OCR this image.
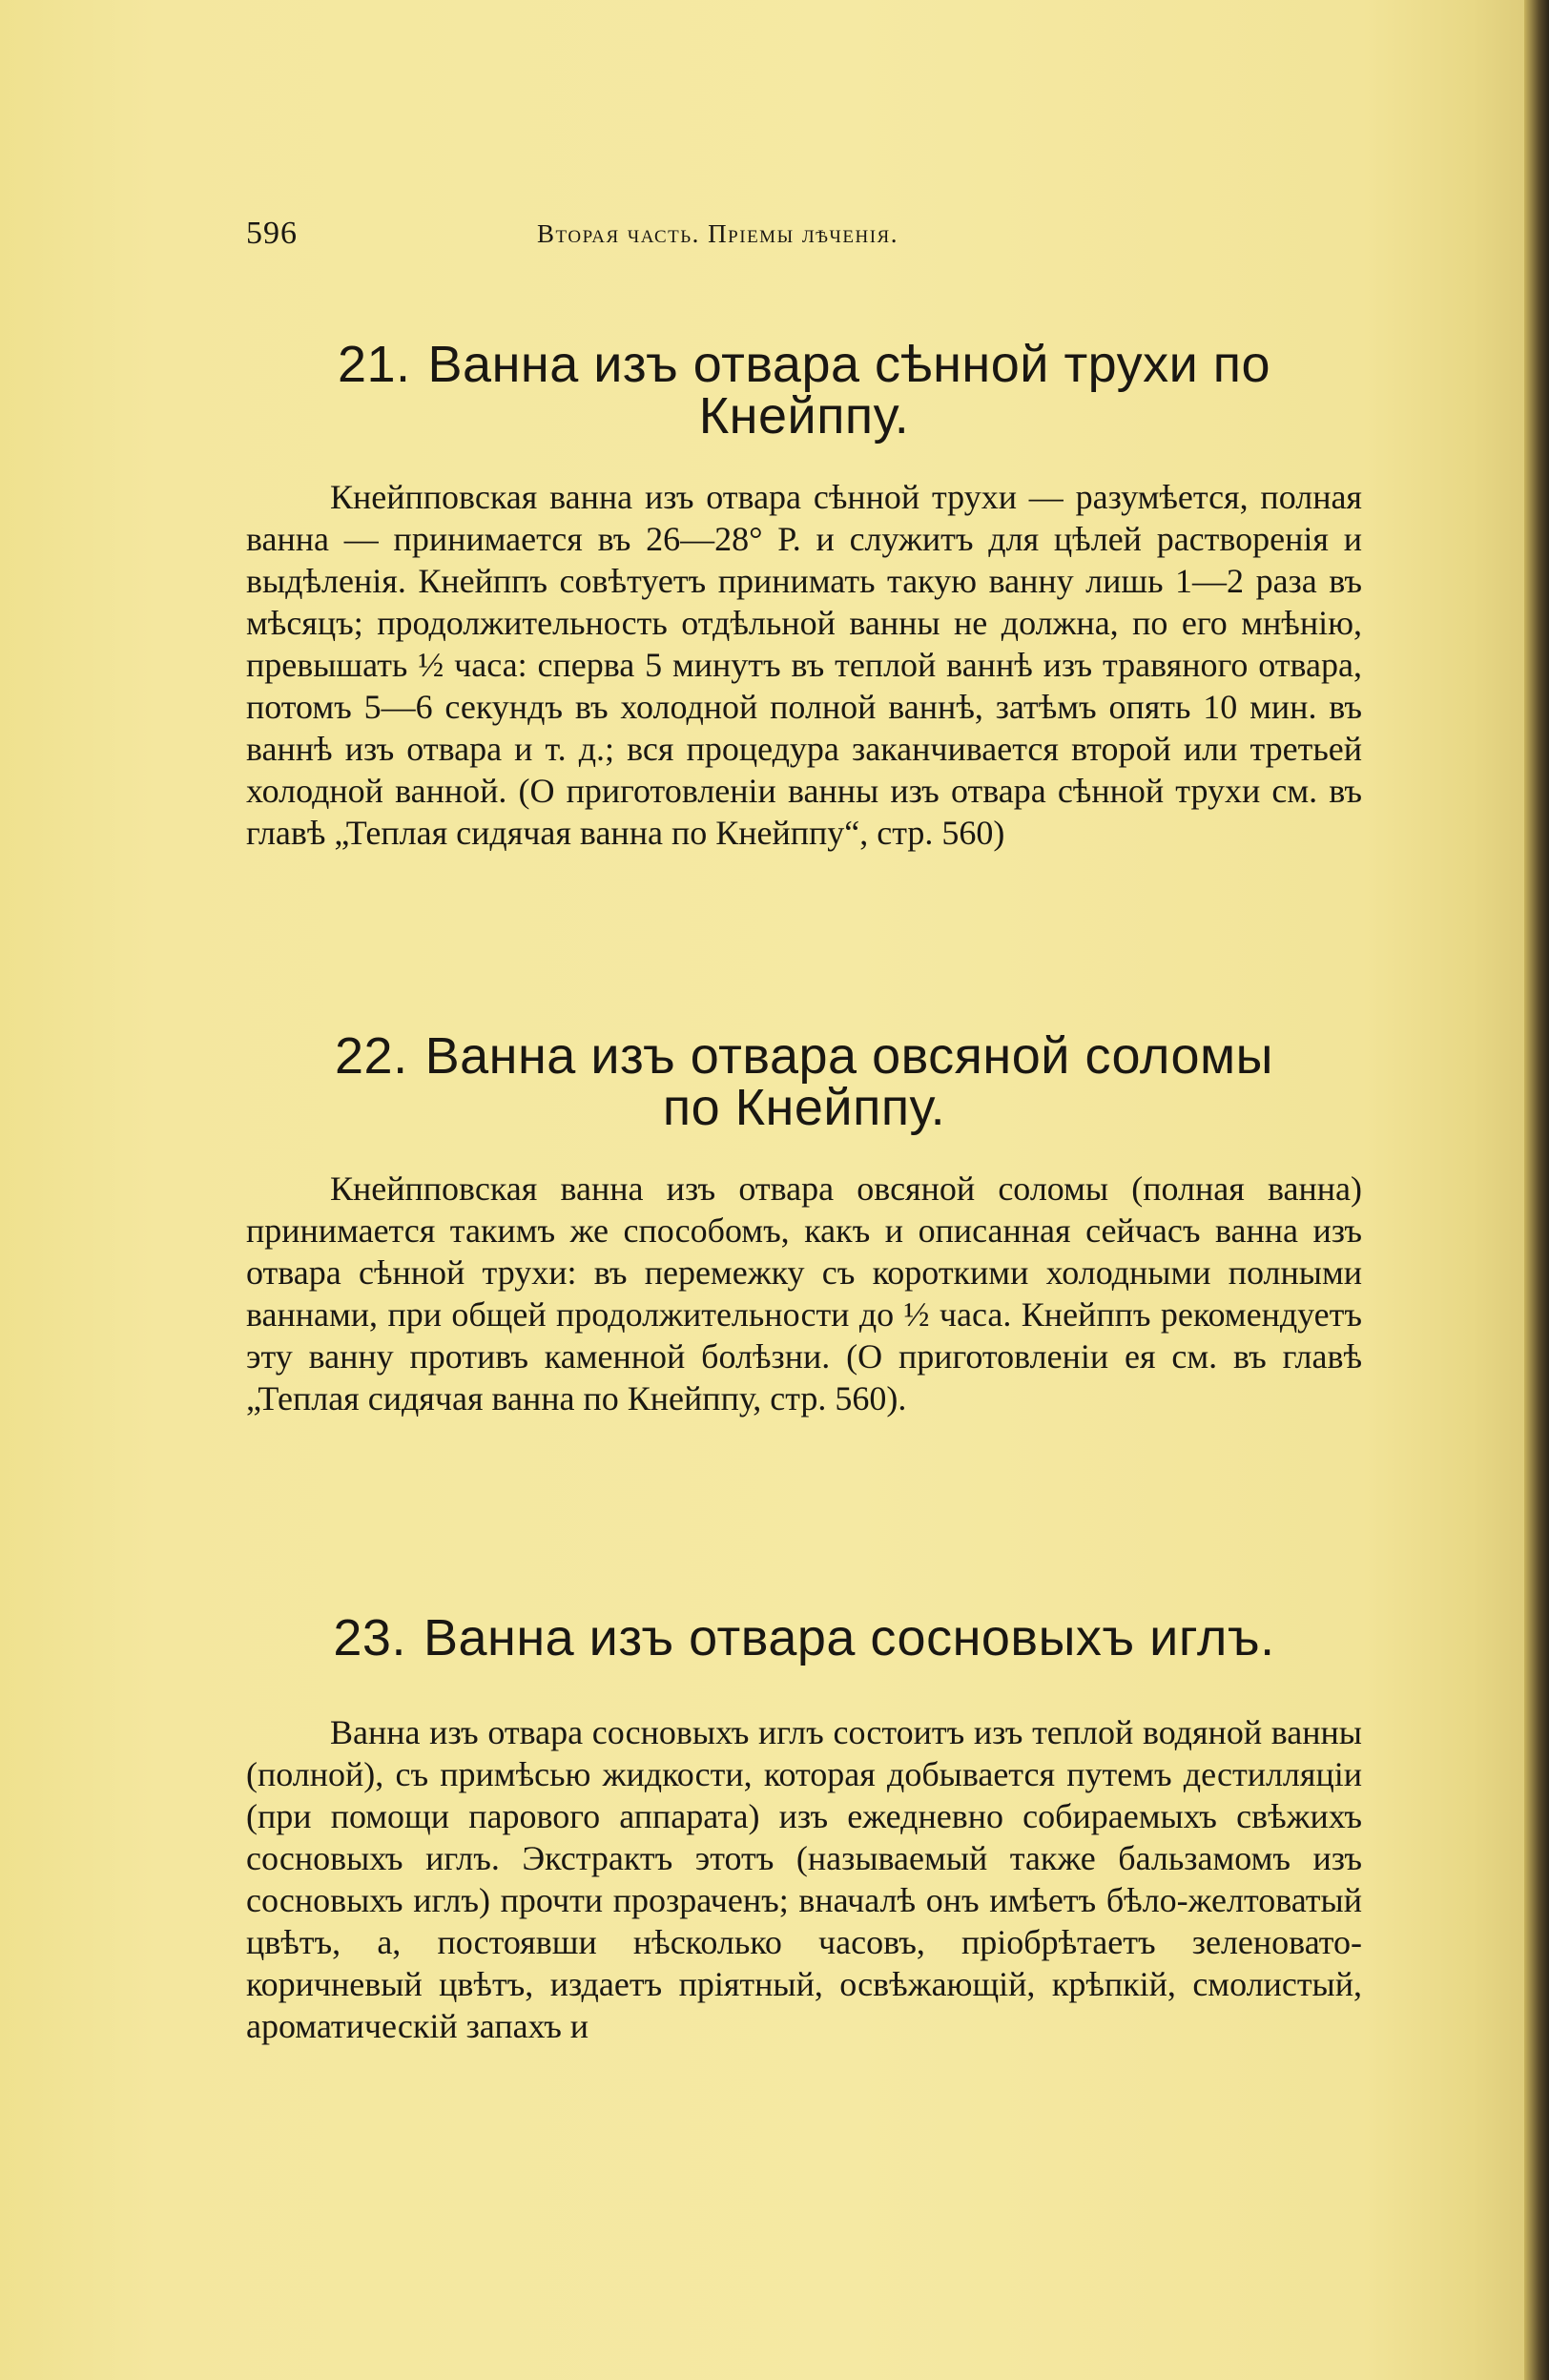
596	Вторая часть. Пріемы лѣченія.
21. Ванна изъ отвара сѣнной трухи по
Кнейппу.

Кнейпповская ванна изъ отвара сѣнной трухи — разумѣется, полная ванна — принимается въ 26—28° Р. и служитъ для цѣлей растворенія и выдѣленія. Кнейппъ совѣтуетъ принимать такую ванну лишь 1—2 раза въ мѣсяцъ; продолжительность отдѣльной ванны не должна, по его мнѣнію, превышать ½ часа: сперва 5 минутъ въ теплой ваннѣ изъ травяного отвара, потомъ 5—6 секундъ въ холодной полной ваннѣ, затѣмъ опять 10 мин. въ ваннѣ изъ отвара и т. д.; вся процедура заканчивается второй или третьей холодной ванной. (О приготовленіи ванны изъ отвара сѣнной трухи см. въ главѣ „Теплая сидячая ванна по Кнейппу“, стр. 560)

22. Ванна изъ отвара овсяной соломы
по Кнейппу.

Кнейпповская ванна изъ отвара овсяной соломы (полная ванна) принимается такимъ же способомъ, какъ и описанная сейчасъ ванна изъ отвара сѣнной трухи: въ перемежку съ короткими холодными полными ваннами, при общей продолжительности до ½ часа. Кнейппъ рекомендуетъ эту ванну противъ каменной болѣзни. (О приготовленіи ея см. въ главѣ „Теплая сидячая ванна по Кнейппу, стр. 560).

23. Ванна изъ отвара сосновыхъ иглъ.

Ванна изъ отвара сосновыхъ иглъ состоитъ изъ теплой водяной ванны (полной), съ примѣсью жидкости, которая добывается путемъ дестилляціи (при помощи парового аппарата) изъ ежедневно собираемыхъ свѣжихъ сосновыхъ иглъ. Экстрактъ этотъ (называемый также бальзамомъ изъ сосновыхъ иглъ) прочти прозраченъ; вначалѣ онъ имѣетъ бѣло-желтоватый цвѣтъ, а, постоявши нѣсколько часовъ, пріобрѣтаетъ зеленовато-коричневый цвѣтъ, издаетъ пріятный, освѣжающій, крѣпкій, смолистый, ароматическій запахъ и
